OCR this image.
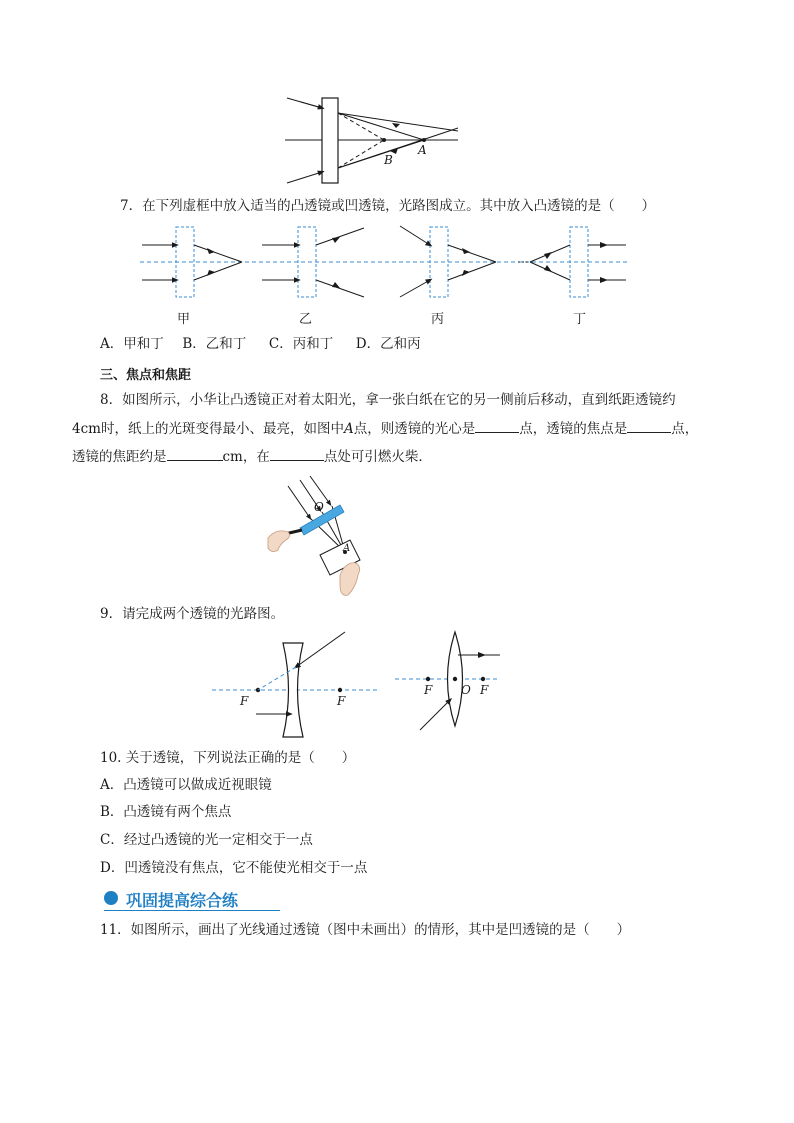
B
A
7．在下列虚框中放入适当的凸透镜或凹透镜，光路图成立。其中放入凸透镜的是（　　）
甲	乙	丙	丁
A．甲和丁 B．乙和丁 C．丙和丁 D．乙和丙
三、焦点和焦距
8．如图所示，小华让凸透镜正对着太阳光，拿一张白纸在它的另一侧前后移动，直到纸距透镜约
4cm时，纸上的光斑变得最小、最亮，如图中A点，则透镜的光心是	点，透镜的焦点是	点，
透镜的焦距约是	cm，在	点处可引燃火柴．
O
A
9．请完成两个透镜的光路图。
F	F
F O F
10. 关于透镜，下列说法正确的是（　　）
A．凸透镜可以做成近视眼镜
B．凸透镜有两个焦点
C．经过凸透镜的光一定相交于一点
D．凹透镜没有焦点，它不能使光相交于一点
巩固提高综合练
11．如图所示，画出了光线通过透镜（图中未画出）的情形，其中是凹透镜的是（　　）
